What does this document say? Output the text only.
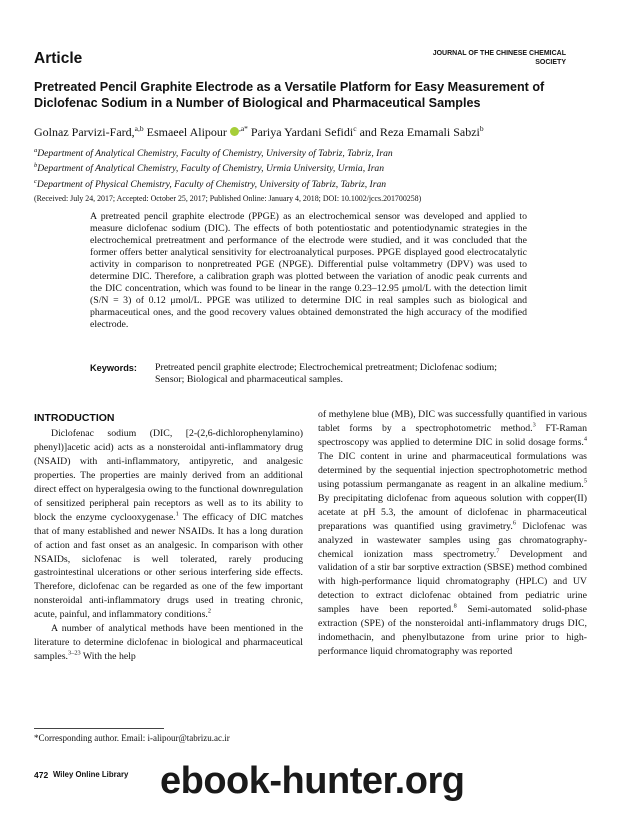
Article	JOURNAL OF THE CHINESE CHEMICAL SOCIETY
Pretreated Pencil Graphite Electrode as a Versatile Platform for Easy Measurement of Diclofenac Sodium in a Number of Biological and Pharmaceutical Samples
Golnaz Parvizi-Fard,$^{a,b}$ Esmaeel Alipour $^{,a*}$ Pariya Yardani Sefidi$^c$ and Reza Emamali Sabzi$^b$
$^a$Department of Analytical Chemistry, Faculty of Chemistry, University of Tabriz, Tabriz, Iran
$^b$Department of Analytical Chemistry, Faculty of Chemistry, Urmia University, Urmia, Iran
$^c$Department of Physical Chemistry, Faculty of Chemistry, University of Tabriz, Tabriz, Iran
(Received: July 24, 2017; Accepted: October 25, 2017; Published Online: January 4, 2018; DOI: 10.1002/jccs.201700258)

A pretreated pencil graphite electrode (PPGE) as an electrochemical sensor was developed and applied to measure diclofenac sodium (DIC). The effects of both potentiostatic and potentiodynamic strategies in the electrochemical pretreatment and performance of the electrode were studied, and it was concluded that the former offers better analytical sensitivity for electroanalytical purposes. PPGE displayed good electrocatalytic activity in comparison to nonpretreated PGE (NPGE). Differential pulse voltammetry (DPV) was used to determine DIC. Therefore, a calibration graph was plotted between the variation of anodic peak currents and the DIC concentration, which was found to be linear in the range 0.23–12.95 μmol/L with the detection limit (S/N = 3) of 0.12 μmol/L. PPGE was utilized to determine DIC in real samples such as biological and pharmaceutical ones, and the good recovery values obtained demonstrated the high accuracy of the modified electrode.

Keywords: Pretreated pencil graphite electrode; Electrochemical pretreatment; Diclofenac sodium; Sensor; Biological and pharmaceutical samples.

INTRODUCTION

Diclofenac sodium (DIC, [2-(2,6-dichlorophenylamino) phenyl)]acetic acid) acts as a nonsteroidal anti-inflammatory drug (NSAID) with anti-inflammatory, antipyretic, and analgesic properties. The properties are mainly derived from an additional direct effect on hyperalgesia owing to the functional downregulation of sensitized peripheral pain receptors as well as to its ability to block the enzyme cyclooxygenase.$^1$ The efficacy of DIC matches that of many established and newer NSAIDs. It has a long duration of action and fast onset as an analgesic. In comparison with other NSAIDs, siclofenac is well tolerated, rarely producing gastrointestinal ulcerations or other serious interfering side effects. Therefore, diclofenac can be regarded as one of the few important nonsteroidal anti-inflammatory drugs used in treating chronic, acute, painful, and inflammatory conditions.$^2$

A number of analytical methods have been mentioned in the literature to determine diclofenac in biological and pharmaceutical samples.$^{3-23}$ With the help

of methylene blue (MB), DIC was successfully quantified in various tablet forms by a spectrophotometric method.$^3$ FT-Raman spectroscopy was applied to determine DIC in solid dosage forms.$^4$ The DIC content in urine and pharmaceutical formulations was determined by the sequential injection spectrophotometric method using potassium permanganate as reagent in an alkaline medium.$^5$ By precipitating diclofenac from aqueous solution with copper(II) acetate at pH 5.3, the amount of diclofenac in pharmaceutical preparations was quantified using gravimetry.$^6$ Diclofenac was analyzed in wastewater samples using gas chromatography-chemical ionization mass spectrometry.$^7$ Development and validation of a stir bar sorptive extraction (SBSE) method combined with high-performance liquid chromatography (HPLC) and UV detection to extract diclofenac obtained from pediatric urine samples have been reported.$^8$ Semi-automated solid-phase extraction (SPE) of the nonsteroidal anti-inflammatory drugs DIC, indomethacin, and phenylbutazone from urine prior to high-performance liquid chromatography was reported

*Corresponding author. Email: i-alipour@tabrizu.ac.ir
472 Wiley Online Library ebook-hunter.org
